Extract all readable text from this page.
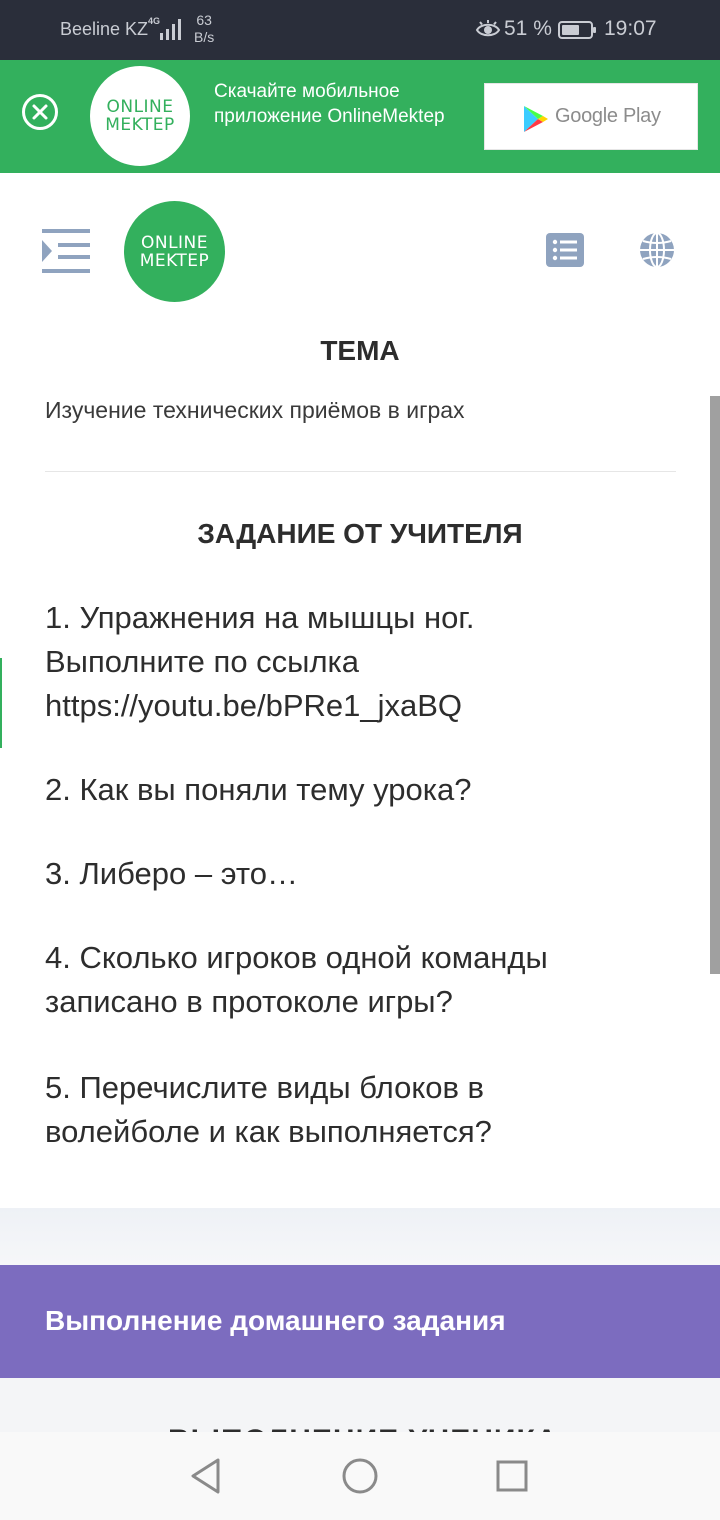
Beeline KZ 4G	63
B/s	51 % 19:07
ONLINE
MEKTEP
Скачайте мобильное приложение OnlineMektep	Google Play
ONLINE
MEKTEP
ТЕМА
Изучение технических приёмов в играх
ЗАДАНИЕ ОТ УЧИТЕЛЯ
1. Упражнения на мышцы ног.
Выполните по ссылка
https://youtu.be/bPRe1_jxaBQ
2. Как вы поняли тему урока?
3. Либеро – это…
4. Сколько игроков одной команды
записано в протоколе игры?
5. Перечислите виды блоков в
волейболе и как выполняется?
Выполнение домашнего задания
